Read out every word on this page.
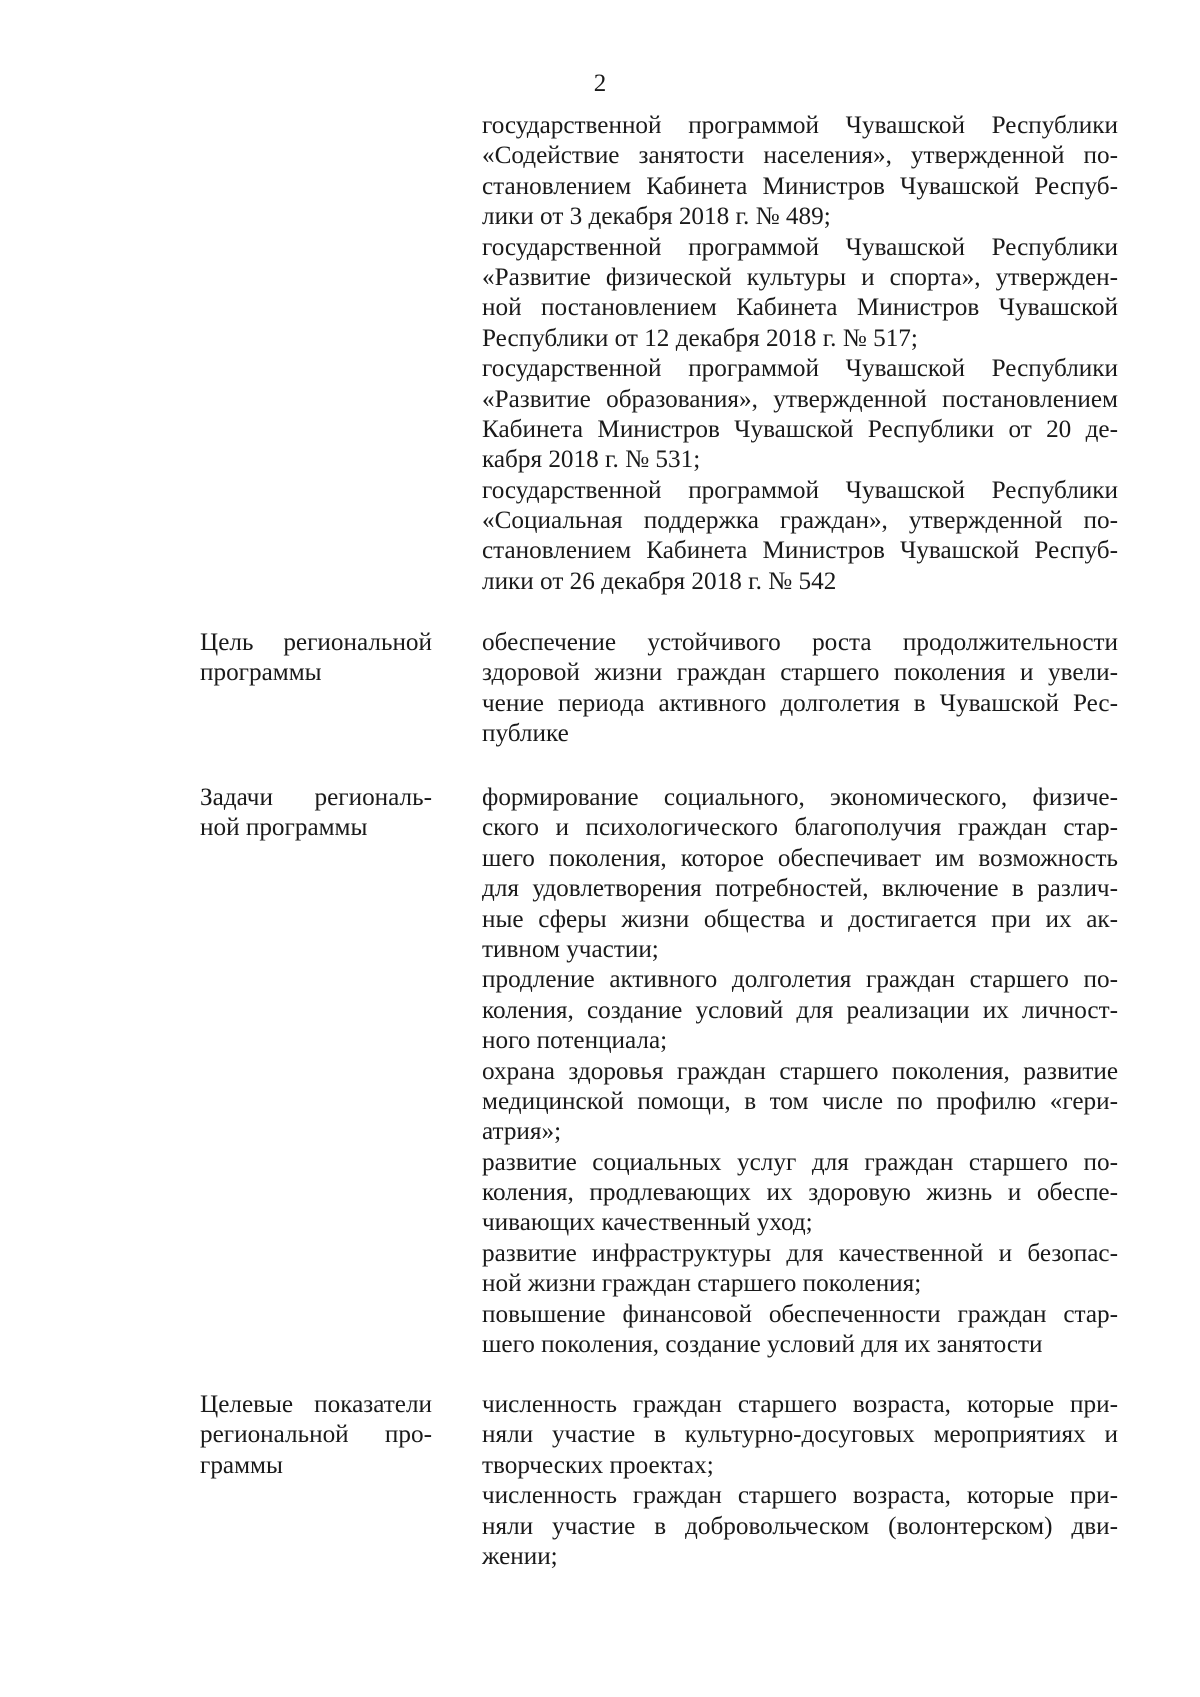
2
государственной программой Чувашской Республики
«Содействие занятости населения», утвержденной по-
становлением Кабинета Министров Чувашской Респуб-
лики от 3 декабря 2018 г. № 489;
государственной программой Чувашской Республики
«Развитие физической культуры и спорта», утвержден-
ной постановлением Кабинета Министров Чувашской
Республики от 12 декабря 2018 г. № 517;
государственной программой Чувашской Республики
«Развитие образования», утвержденной постановлением
Кабинета Министров Чувашской Республики от 20 де-
кабря 2018 г. № 531;
государственной программой Чувашской Республики
«Социальная поддержка граждан», утвержденной по-
становлением Кабинета Министров Чувашской Респуб-
лики от 26 декабря 2018 г. № 542
Цель региональной
программы
обеспечение устойчивого роста продолжительности
здоровой жизни граждан старшего поколения и увели-
чение периода активного долголетия в Чувашской Рес-
публике
Задачи региональ-
ной программы
формирование социального, экономического, физиче-
ского и психологического благополучия граждан стар-
шего поколения, которое обеспечивает им возможность
для удовлетворения потребностей, включение в различ-
ные сферы жизни общества и достигается при их ак-
тивном участии;
продление активного долголетия граждан старшего по-
коления, создание условий для реализации их личност-
ного потенциала;
охрана здоровья граждан старшего поколения, развитие
медицинской помощи, в том числе по профилю «гери-
атрия»;
развитие социальных услуг для граждан старшего по-
коления, продлевающих их здоровую жизнь и обеспе-
чивающих качественный уход;
развитие инфраструктуры для качественной и безопас-
ной жизни граждан старшего поколения;
повышение финансовой обеспеченности граждан стар-
шего поколения, создание условий для их занятости
Целевые показатели
региональной про-
граммы
численность граждан старшего возраста, которые при-
няли участие в культурно-досуговых мероприятиях и
творческих проектах;
численность граждан старшего возраста, которые при-
няли участие в добровольческом (волонтерском) дви-
жении;
